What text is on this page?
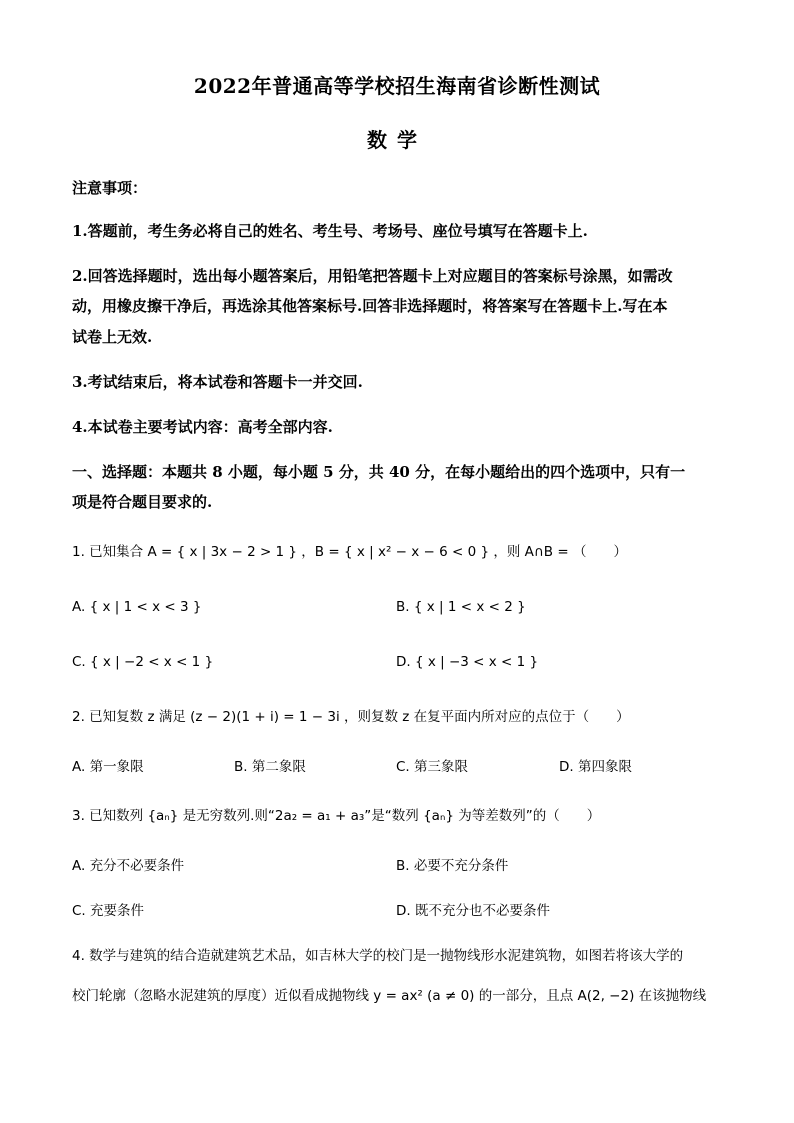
2022年普通高等学校招生海南省诊断性测试
数学
注意事项：
1.答题前，考生务必将自己的姓名、考生号、考场号、座位号填写在答题卡上.
2.回答选择题时，选出每小题答案后，用铅笔把答题卡上对应题目的答案标号涂黑，如需改
动，用橡皮擦干净后，再选涂其他答案标号.回答非选择题时，将答案写在答题卡上.写在本
试卷上无效.
3.考试结束后，将本试卷和答题卡一并交回.
4.本试卷主要考试内容：高考全部内容.
一、选择题：本题共 8 小题，每小题 5 分，共 40 分，在每小题给出的四个选项中，只有一
项是符合题目要求的.
1. 已知集合 A = { x | 3x − 2 > 1 } ，B = { x | x² − x − 6 < 0 } ，则 A∩B = （　　）
A. { x | 1 < x < 3 }	B. { x | 1 < x < 2 }
C. { x | −2 < x < 1 }	D. { x | −3 < x < 1 }
2. 已知复数 z 满足 (z − 2)(1 + i) = 1 − 3i ，则复数 z 在复平面内所对应的点位于（　　）
A. 第一象限	B. 第二象限	C. 第三象限	D. 第四象限
3. 已知数列 {aₙ} 是无穷数列.则“2a₂ = a₁ + a₃”是“数列 {aₙ} 为等差数列”的（　　）
A. 充分不必要条件	B. 必要不充分条件
C. 充要条件	D. 既不充分也不必要条件
4. 数学与建筑的结合造就建筑艺术品，如吉林大学的校门是一抛物线形水泥建筑物，如图若将该大学的
校门轮廓（忽略水泥建筑的厚度）近似看成抛物线 y = ax² (a ≠ 0) 的一部分，且点 A(2, −2) 在该抛物线
